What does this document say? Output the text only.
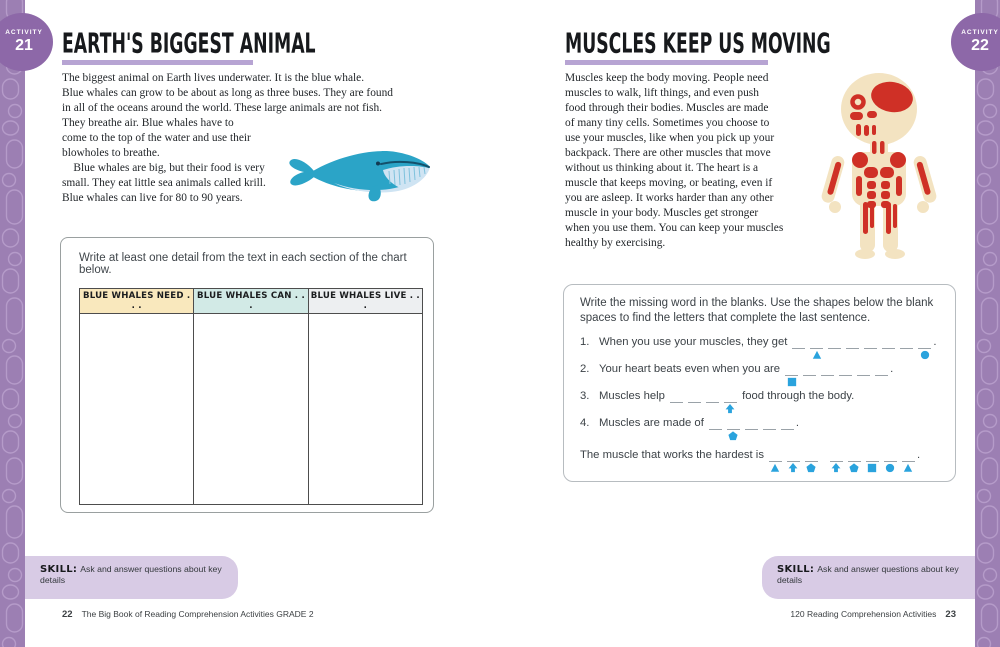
ACTIVITY
21
ACTIVITY
22
EARTH'S BIGGEST ANIMAL	MUSCLES KEEP US MOVING
The biggest animal on Earth lives underwater. It is the blue whale.
Blue whales can grow to be about as long as three buses. They are found
in all of the oceans around the world. These large animals are not fish.
They breathe air. Blue whales have to
come to the top of the water and use their
blowholes to breathe.
Blue whales are big, but their food is very
small. They eat little sea animals called krill.
Blue whales can live for 80 to 90 years.
Muscles keep the body moving. People need
muscles to walk, lift things, and even push
food through their bodies. Muscles are made
of many tiny cells. Sometimes you choose to
use your muscles, like when you pick up your
backpack. There are other muscles that move
without us thinking about it. The heart is a
muscle that keeps moving, or beating, even if
you are asleep. It works harder than any other
muscle in your body. Muscles get stronger
when you use them. You can keep your muscles
healthy by exercising.
Write at least one detail from the text in each section of the chart below.
BLUE WHALES NEED . . .	BLUE WHALES CAN . . .	BLUE WHALES LIVE . . .
			Write the missing word in the blanks. Use the shapes below the blank spaces to find the letters that complete the last sentence.
1. When you use your muscles, they get	.
2. Your heart beats even when you are	.
3. Muscles help	food through the body.
4. Muscles are made of	.
The muscle that works the hardest is	.
SKILL: Ask and answer questions about key details
SKILL: Ask and answer questions about key details
22 The Big Book of Reading Comprehension Activities GRADE 2	120 Reading Comprehension Activities 23
